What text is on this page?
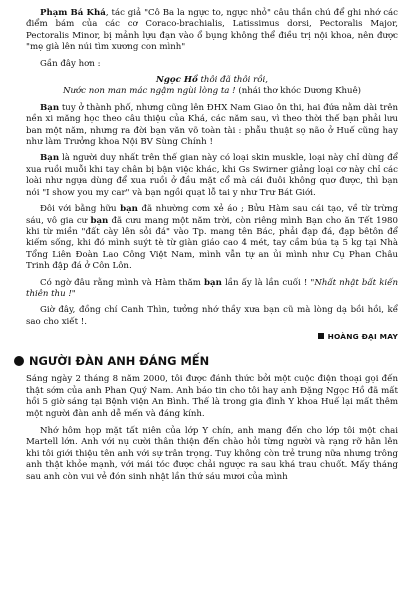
Phạm Bá Khá, tác giả "Cô Ba la ngực to, ngực nhỏ" câu thần chú để ghi nhớ các điểm bám của các cơ Coraco-brachialis, Latissimus dorsi, Pectoralis Major, Pectoralis Minor, bị mảnh lựu đạn vào ổ bụng không thể điều trị nội khoa, nên được "mẹ già lên núi tìm xương con mình"

Gần đây hơn :

Ngọc Hồ thôi đã thôi rồi,

Nước non man mác ngậm ngùi lòng ta ! (nhái thơ khóc Dương Khuê)

Bạn tuy ở thành phố, nhưng cũng lên ĐHX Nam Giao ôn thi, hai đứa nằm dài trên nền xi măng học theo câu thiệu của Khá, các năm sau, vì theo thời thế bạn phải lưu ban một năm, nhưng ra đời bạn văn võ toàn tài : phẫu thuật sọ não ở Huế cũng hay như làm Trưởng khoa Nội BV Sùng Chính !

Bạn là người duy nhất trên thế gian này có loại skin muskle, loại này chỉ dùng để xua ruồi muỗi khi tay chân bị bận việc khác, khi Gs Swirner giảng loại cơ này chỉ các loài như ngựa dùng để xua ruồi ở đầu mặt cổ mà cái đuôi không quơ được, thì bạn nói "I show you my car" và bạn ngồi quạt lỗ tai y như Trư Bát Giới.

Đôi với bằng hữu bạn đã nhường cơm xẻ áo ; Bửu Hàm sau cái tạo, về từ trừng sáu, vô gia cư bạn đã cưu mang một năm trời, còn riêng mình Bạn cho ăn Tết 1980 khi từ miền "đất cày lên sỏi đá" vào Tp. mang tên Bác, phải đạp đá, đạp bêtôn để kiếm sống, khi đó mình suýt tè từ giàn giáo cao 4 mét, tay cầm búa tạ 5 kg tại Nhà Tổng Liên Đoàn Lao Công Việt Nam, mình vẫn tự an ủi mình như Cụ Phan Châu Trinh đập đá ở Côn Lôn.

Có ngờ đâu rằng mình và Hàm thăm bạn lần ấy là lần cuối ! "Nhất nhật bất kiến thiên thu !"

Giờ đây, đồng chí Canh Thìn, tưởng nhớ thầy xưa bạn cũ mà lòng dạ bồi hồi, kể sao cho xiết !.

HOÀNG ĐẠI MAY

NGƯỜI ĐÀN ANH ĐÁNG MẾN

Sáng ngày 2 tháng 8 năm 2000, tôi được đánh thức bởi một cuộc điện thoại gọi đến thật sớm của anh Phan Quý Nam. Anh báo tin cho tôi hay anh Đặng Ngọc Hồ đã mất hồi 5 giờ sáng tại Bệnh viện An Bình. Thế là trong gia đình Y khoa Huế lại mất thêm một người đàn anh dễ mến và đáng kính.

Nhớ hôm họp mặt tất niên của lớp Y chín, anh mang đến cho lớp tôi một chai Martell lớn. Anh với nụ cười thân thiện đến chào hỏi từng người và rạng rỡ hân lên khi tôi giới thiệu tên anh với sự trân trọng. Tuy không còn trẻ trung nữa nhưng trông anh thật khỏe mạnh, với mái tóc được chải ngược ra sau khá trau chuốt. Mấy tháng sau anh còn vui vẻ đón sinh nhật lần thứ sáu mươi của mình
